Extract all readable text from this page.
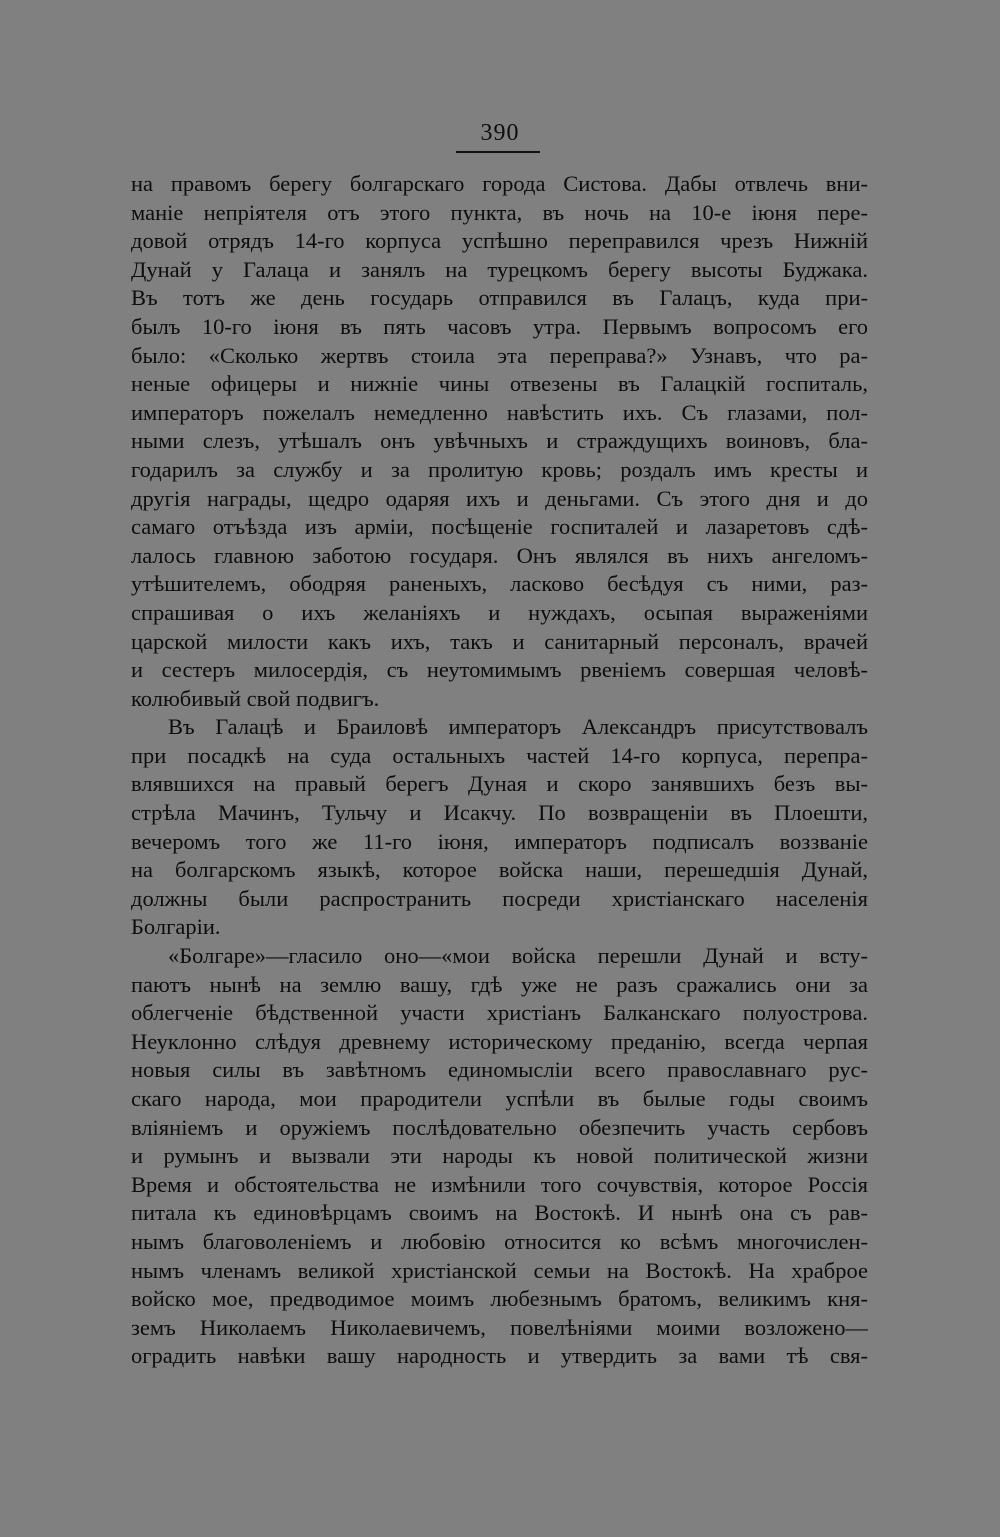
390
на правомъ берегу болгарскаго города Систова. Дабы отвлечь вни-
маніе непріятеля отъ этого пункта, въ ночь на 10-е іюня пере-
довой отрядъ 14-го корпуса успѣшно переправился чрезъ Нижній
Дунай у Галаца и занялъ на турецкомъ берегу высоты Буджака.
Въ тотъ же день государь отправился въ Галацъ, куда при-
былъ 10-го іюня въ пять часовъ утра. Первымъ вопросомъ его
было: «Сколько жертвъ стоила эта переправа?» Узнавъ, что ра-
неные офицеры и нижніе чины отвезены въ Галацкій госпиталь,
императоръ пожелалъ немедленно навѣстить ихъ. Съ глазами, пол-
ными слезъ, утѣшалъ онъ увѣчныхъ и страждущихъ воиновъ, бла-
годарилъ за службу и за пролитую кровь; роздалъ имъ кресты и
другія награды, щедро одаряя ихъ и деньгами. Съ этого дня и до
самаго отъѣзда изъ арміи, посѣщеніе госпиталей и лазаретовъ сдѣ-
лалось главною заботою государя. Онъ являлся въ нихъ ангеломъ-
утѣшителемъ, ободряя раненыхъ, ласково бесѣдуя съ ними, раз-
спрашивая о ихъ желаніяхъ и нуждахъ, осыпая выраженіями
царской милости какъ ихъ, такъ и санитарный персоналъ, врачей
и сестеръ милосердія, съ неутомимымъ рвеніемъ совершая человѣ-
колюбивый свой подвигъ.
Въ Галацѣ и Браиловѣ императоръ Александръ присутствовалъ
при посадкѣ на суда остальныхъ частей 14-го корпуса, перепра-
влявшихся на правый берегъ Дуная и скоро занявшихъ безъ вы-
стрѣла Мачинъ, Тульчу и Исакчу. По возвращеніи въ Плоешти,
вечеромъ того же 11-го іюня, императоръ подписалъ воззваніе
на болгарскомъ языкѣ, которое войска наши, перешедшія Дунай,
должны были распространить посреди христіанскаго населенія
Болгаріи.
«Болгаре»—гласило оно—«мои войска перешли Дунай и всту-
паютъ нынѣ на землю вашу, гдѣ уже не разъ сражались они за
облегченіе бѣдственной участи христіанъ Балканскаго полуострова.
Неуклонно слѣдуя древнему историческому преданію, всегда черпая
новыя силы въ завѣтномъ единомысліи всего православнаго рус-
скаго народа, мои прародители успѣли въ былые годы своимъ
вліяніемъ и оружіемъ послѣдовательно обезпечить участь сербовъ
и румынъ и вызвали эти народы къ новой политической жизни
Время и обстоятельства не измѣнили того сочувствія, которое Россія
питала къ единовѣрцамъ своимъ на Востокѣ. И нынѣ она съ рав-
нымъ благоволеніемъ и любовію относится ко всѣмъ многочислен-
нымъ членамъ великой христіанской семьи на Востокѣ. На храброе
войско мое, предводимое моимъ любезнымъ братомъ, великимъ кня-
земъ Николаемъ Николаевичемъ, повелѣніями моими возложено—
оградить навѣки вашу народность и утвердить за вами тѣ свя-
